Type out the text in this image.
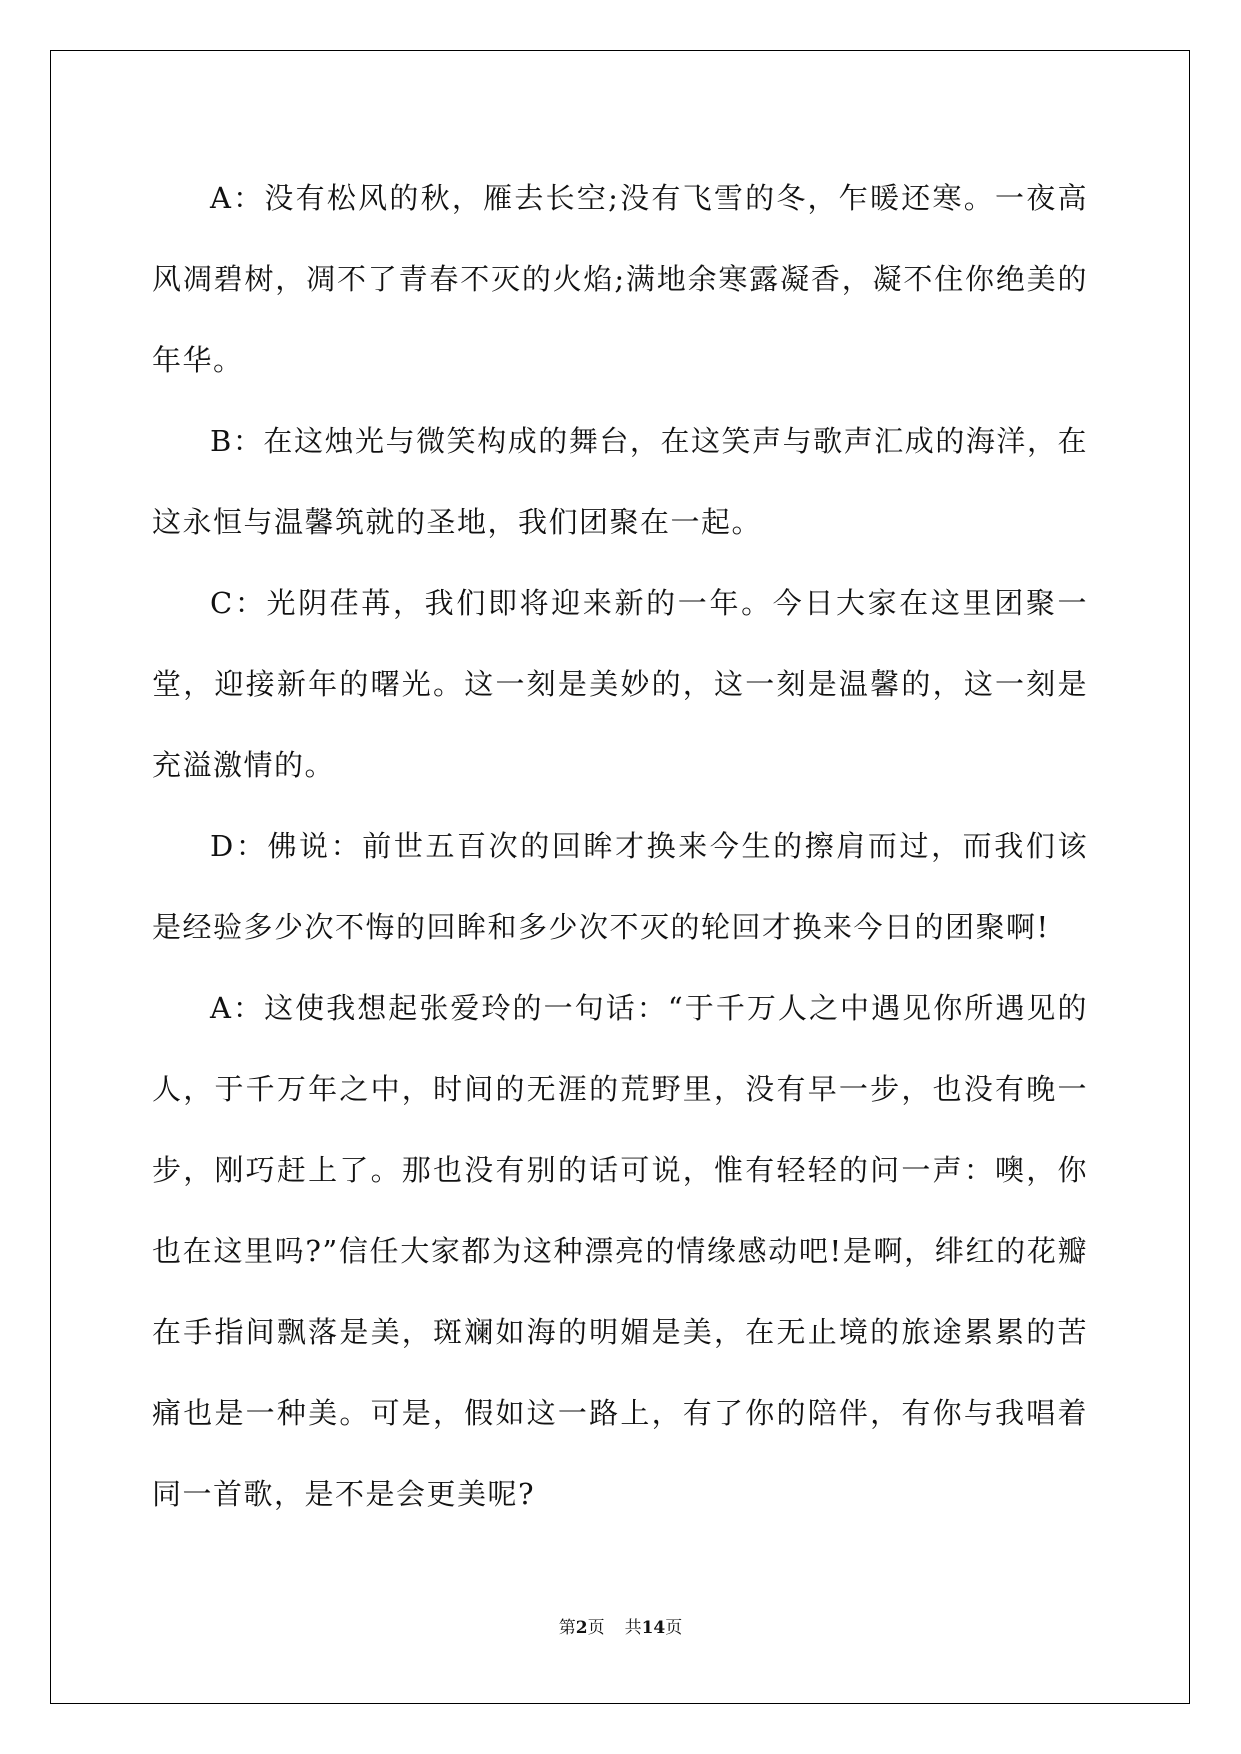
A：没有松风的秋，雁去长空;没有飞雪的冬，乍暖还寒。一夜高风凋碧树，凋不了青春不灭的火焰;满地余寒露凝香，凝不住你绝美的年华。

B：在这烛光与微笑构成的舞台，在这笑声与歌声汇成的海洋，在这永恒与温馨筑就的圣地，我们团聚在一起。

C：光阴荏苒，我们即将迎来新的一年。今日大家在这里团聚一堂，迎接新年的曙光。这一刻是美妙的，这一刻是温馨的，这一刻是充溢激情的。

D：佛说：前世五百次的回眸才换来今生的擦肩而过，而我们该是经验多少次不悔的回眸和多少次不灭的轮回才换来今日的团聚啊!

A：这使我想起张爱玲的一句话：“于千万人之中遇见你所遇见的人，于千万年之中，时间的无涯的荒野里，没有早一步，也没有晚一步，刚巧赶上了。那也没有别的话可说，惟有轻轻的问一声：噢，你也在这里吗?”信任大家都为这种漂亮的情缘感动吧!是啊，绯红的花瓣在手指间飘落是美，斑斓如海的明媚是美，在无止境的旅途累累的苦痛也是一种美。可是，假如这一路上，有了你的陪伴，有你与我唱着同一首歌，是不是会更美呢?

第2页 共14页
